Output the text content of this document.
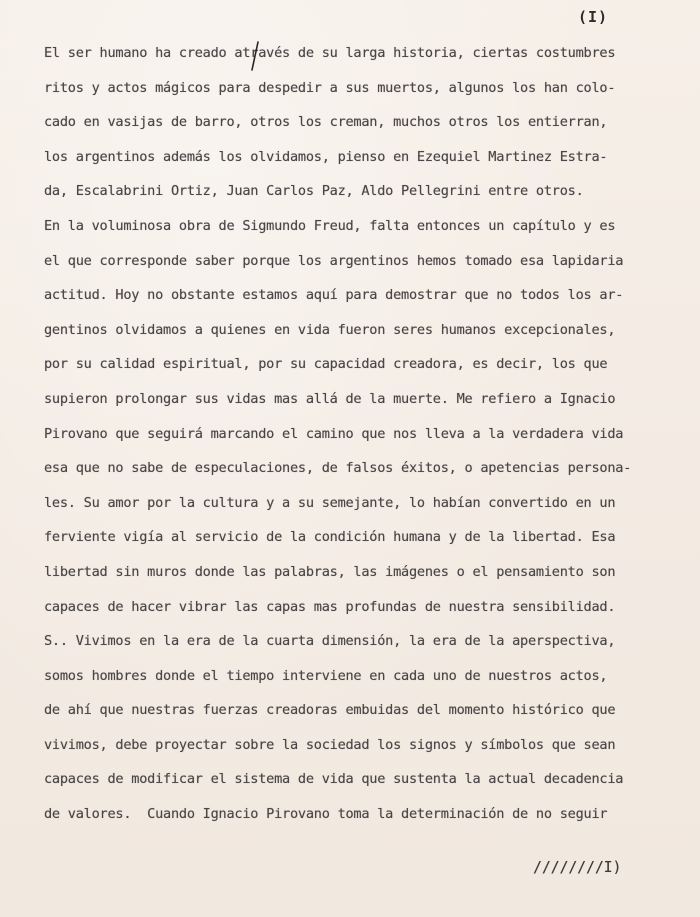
(I)
El ser humano ha creado através de su larga historia, ciertas costumbres
ritos y actos mágicos para despedir a sus muertos, algunos los han colo-
cado en vasijas de barro, otros los creman, muchos otros los entierran,
los argentinos además los olvidamos, pienso en Ezequiel Martinez Estra-
da, Escalabrini Ortiz, Juan Carlos Paz, Aldo Pellegrini entre otros.
En la voluminosa obra de Sigmundo Freud, falta entonces un capítulo y es
el que corresponde saber porque los argentinos hemos tomado esa lapidaria
actitud. Hoy no obstante estamos aquí para demostrar que no todos los ar-
gentinos olvidamos a quienes en vida fueron seres humanos excepcionales,
por su calidad espiritual, por su capacidad creadora, es decir, los que
supieron prolongar sus vidas mas allá de la muerte. Me refiero a Ignacio
Pirovano que seguirá marcando el camino que nos lleva a la verdadera vida
esa que no sabe de especulaciones, de falsos éxitos, o apetencias persona-
les. Su amor por la cultura y a su semejante, lo habían convertido en un
ferviente vigía al servicio de la condición humana y de la libertad. Esa
libertad sin muros donde las palabras, las imágenes o el pensamiento son
capaces de hacer vibrar las capas mas profundas de nuestra sensibilidad.
S.. Vivimos en la era de la cuarta dimensión, la era de la aperspectiva,
somos hombres donde el tiempo interviene en cada uno de nuestros actos,
de ahí que nuestras fuerzas creadoras embuidas del momento histórico que
vivimos, debe proyectar sobre la sociedad los signos y símbolos que sean
capaces de modificar el sistema de vida que sustenta la actual decadencia
de valores.  Cuando Ignacio Pirovano toma la determinación de no seguir
////////I)
